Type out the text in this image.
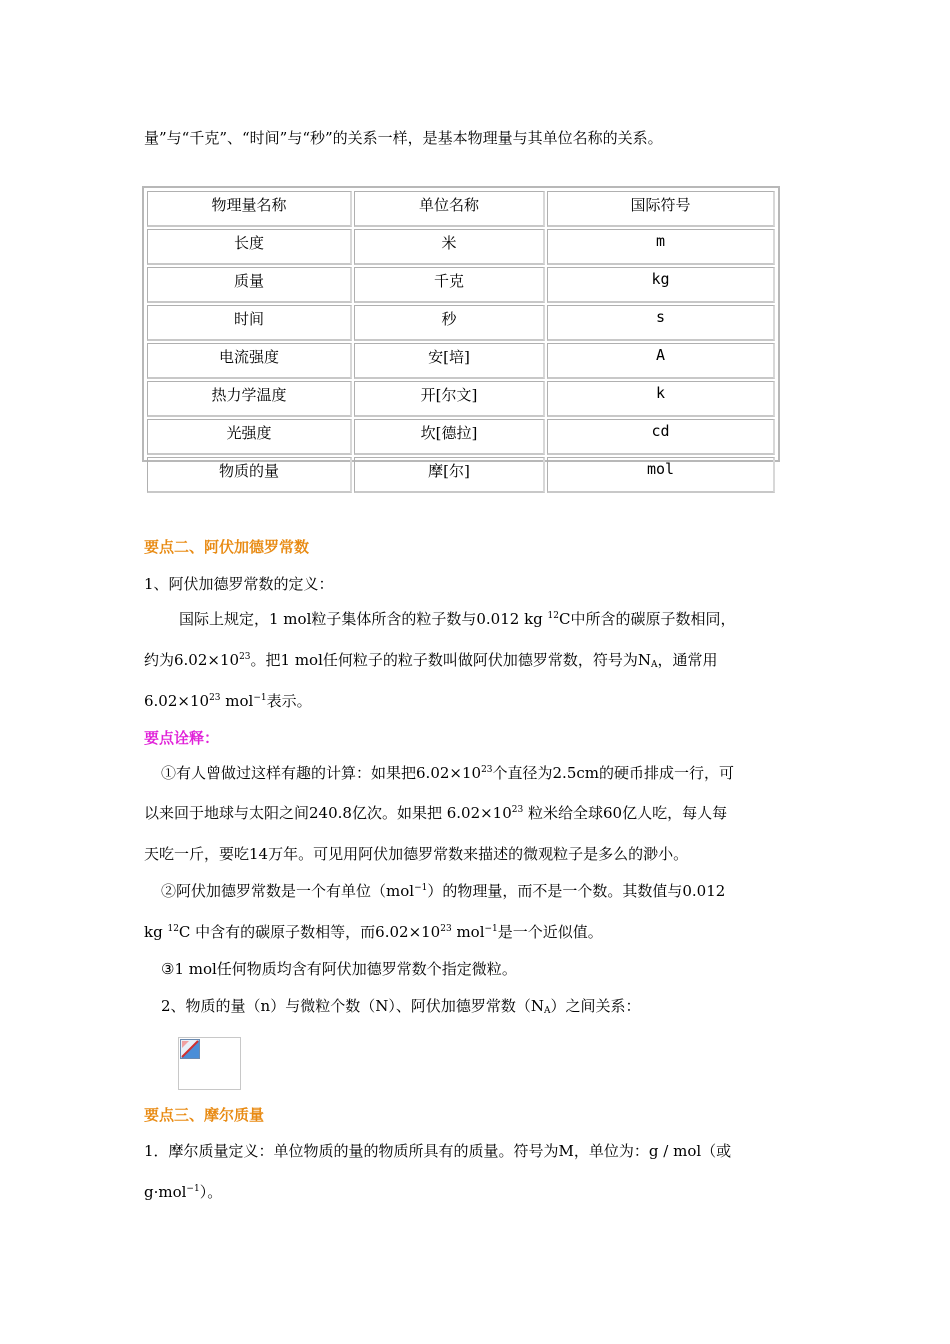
量”与“千克”、“时间”与“秒”的关系一样，是基本物理量与其单位名称的关系。
物理量名称	单位名称	国际符号
长度	米	m
质量	千克	kg
时间	秒	s
电流强度	安[培]	A
热力学温度	开[尔文]	k
光强度	坎[德拉]	cd
物质的量	摩[尔]	mol
要点二、阿伏加德罗常数
1、阿伏加德罗常数的定义：
国际上规定，1 mol粒子集体所含的粒子数与0.012 kg $^{12}$C中所含的碳原子数相同，
约为$6.02\times 10^{23}$。把1 mol任何粒子的粒子数叫做阿伏加德罗常数，符号为$N_A$，通常用
$6.02\times 10^{23}$ mol$^{-1}$表示。
要点诠释：
①有人曾做过这样有趣的计算：如果把$6.02\times 10^{23}$个直径为2.5cm的硬币排成一行，可
以来回于地球与太阳之间240.8亿次。如果把 $6.02\times 10^{23}$ 粒米给全球60亿人吃，每人每
天吃一斤，要吃14万年。可见用阿伏加德罗常数来描述的微观粒子是多么的渺小。
②阿伏加德罗常数是一个有单位（mol$^{-1}$）的物理量，而不是一个数。其数值与0.012
kg $^{12}$C 中含有的碳原子数相等，而$6.02\times 10^{23}$ mol$^{-1}$是一个近似值。
③1 mol任何物质均含有阿伏加德罗常数个指定微粒。
2、物质的量（n）与微粒个数（N）、阿伏加德罗常数$(N_A)$之间关系：
要点三、摩尔质量
1．摩尔质量定义：单位物质的量的物质所具有的质量。符号为M，单位为：g / mol（或
g·mol$^{-1}$）。
